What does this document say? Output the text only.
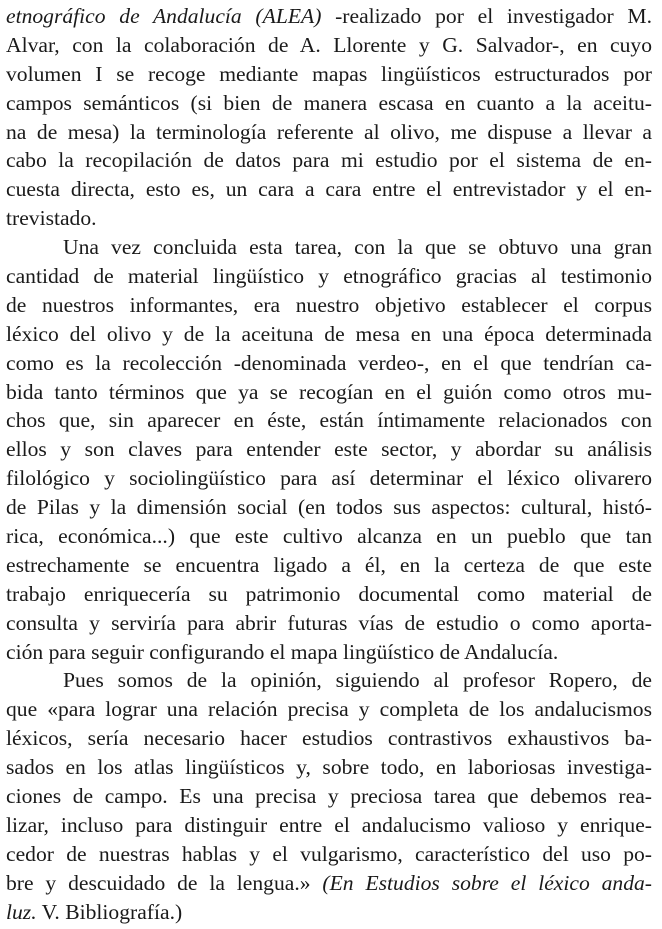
etnográfico de Andalucía (ALEA) -realizado por el investigador M.
Alvar, con la colaboración de A. Llorente y G. Salvador-, en cuyo
volumen I se recoge mediante mapas lingüísticos estructurados por
campos semánticos (si bien de manera escasa en cuanto a la aceitu-
na de mesa) la terminología referente al olivo, me dispuse a llevar a
cabo la recopilación de datos para mi estudio por el sistema de en-
cuesta directa, esto es, un cara a cara entre el entrevistador y el en-
trevistado.
Una vez concluida esta tarea, con la que se obtuvo una gran
cantidad de material lingüístico y etnográfico gracias al testimonio
de nuestros informantes, era nuestro objetivo establecer el corpus
léxico del olivo y de la aceituna de mesa en una época determinada
como es la recolección -denominada verdeo-, en el que tendrían ca-
bida tanto términos que ya se recogían en el guión como otros mu-
chos que, sin aparecer en éste, están íntimamente relacionados con
ellos y son claves para entender este sector, y abordar su análisis
filológico y sociolingüístico para así determinar el léxico olivarero
de Pilas y la dimensión social (en todos sus aspectos: cultural, histó-
rica, económica...) que este cultivo alcanza en un pueblo que tan
estrechamente se encuentra ligado a él, en la certeza de que este
trabajo enriquecería su patrimonio documental como material de
consulta y serviría para abrir futuras vías de estudio o como aporta-
ción para seguir configurando el mapa lingüístico de Andalucía.
Pues somos de la opinión, siguiendo al profesor Ropero, de
que «para lograr una relación precisa y completa de los andalucismos
léxicos, sería necesario hacer estudios contrastivos exhaustivos ba-
sados en los atlas lingüísticos y, sobre todo, en laboriosas investiga-
ciones de campo. Es una precisa y preciosa tarea que debemos rea-
lizar, incluso para distinguir entre el andalucismo valioso y enrique-
cedor de nuestras hablas y el vulgarismo, característico del uso po-
bre y descuidado de la lengua.» (En Estudios sobre el léxico anda-
luz. V. Bibliografía.)
